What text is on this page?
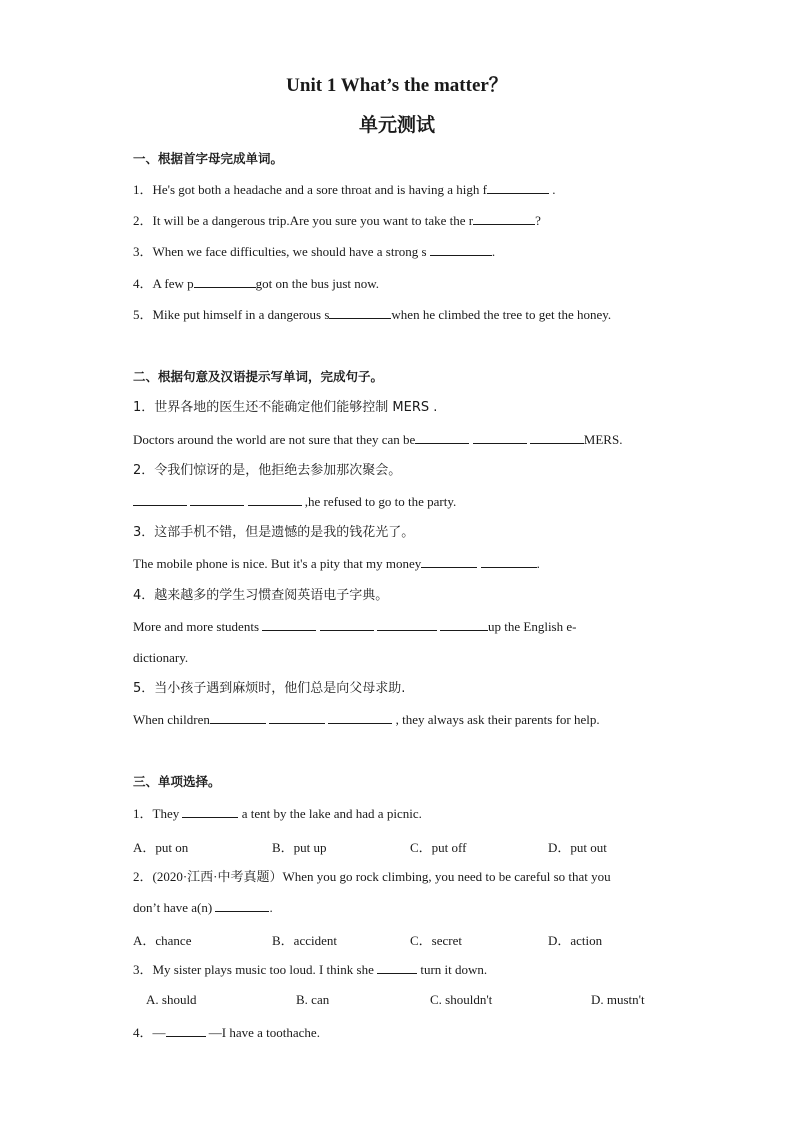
Unit 1 What’s the matter？
单元测试
一、根据首字母完成单词。
1．He's got both a headache and a sore throat and is having a high f	.
2．It will be a dangerous trip.Are you sure you want to take the r	?
3．When we face difficulties, we should have a strong s	.
4．A few p	got on the bus just now.
5．Mike put himself in a dangerous s	when he climbed the tree to get the honey.
二、根据句意及汉语提示写单词，完成句子。
1．世界各地的医生还不能确定他们能够控制 MERS .
Doctors around the world are not sure that they can be	MERS.
2．令我们惊讶的是，他拒绝去参加那次聚会。
,he refused to go to the party.
3．这部手机不错，但是遗憾的是我的钱花光了。
The mobile phone is nice. But it's a pity that my money	.
4．越来越多的学生习惯查阅英语电子字典。
More and more students	up the English e-
dictionary.
5．当小孩子遇到麻烦时，他们总是向父母求助.
When children	, they always ask their parents for help.
三、单项选择。
1．They	a tent by the lake and had a picnic.
A．put on	B．put up	C．put off	D．put out
2．(2020·江西·中考真题）When you go rock climbing, you need to be careful so that you
don’t have a(n)	.
A．chance	B．accident	C．secret	D．action
3．My sister plays music too loud. I think she	turn it down.
A. should	B. can	C. shouldn't	D. mustn't
4．—	—I have a toothache.
